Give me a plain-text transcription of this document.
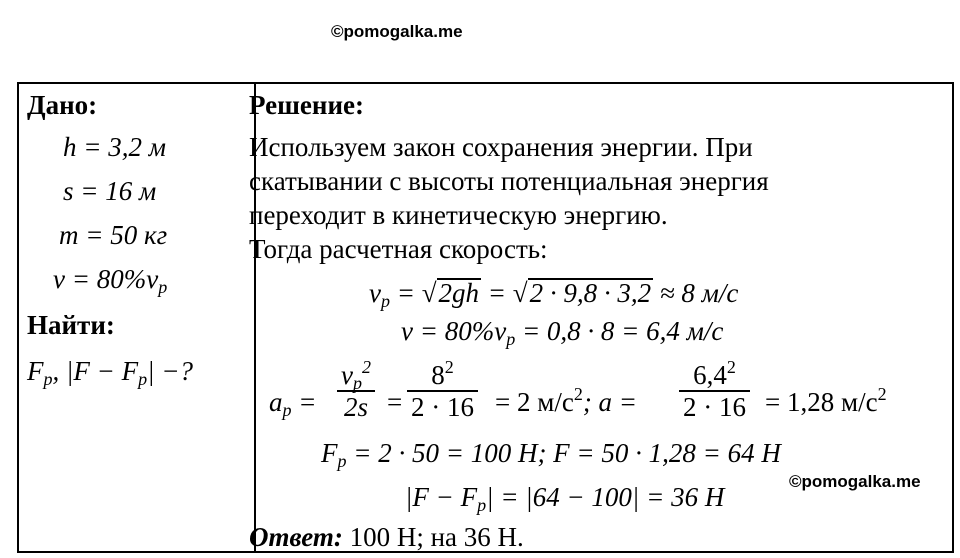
©pomogalka.me
Дано:
h = 3,2 м
s = 16 м
m = 50 кг
$v = 80\%v_р$
Найти:
$F_р$, $|F - F_р|$ −?
Решение:
Используем закон сохранения энергии. При
скатывании с высоты потенциальная энергия
переходит в кинетическую энергию.
Тогда расчетная скорость:
$v_р = √2gh = √2 \cdot 9,8 \cdot 3,2 \approx 8$ м/с
$v = 80\%v_р = 0,8 \cdot 8 = 6,4$ м/с
$a_р$ =
$v_р^2$
$2s = \frac{8^2}{2 \cdot 16} = 2$ $м/с^2$; $a = \frac{6,4^2}{2 \cdot 16} = 1,28$ $м/с^2$
$F_р = 2 \cdot 50 = 100$ Н; F = 50 · 1,28 = 64 Н
$|F - F_р| = |64 - 100| = 36$ Н
Ответ: 100 Н; на 36 Н.
©pomogalka.me
